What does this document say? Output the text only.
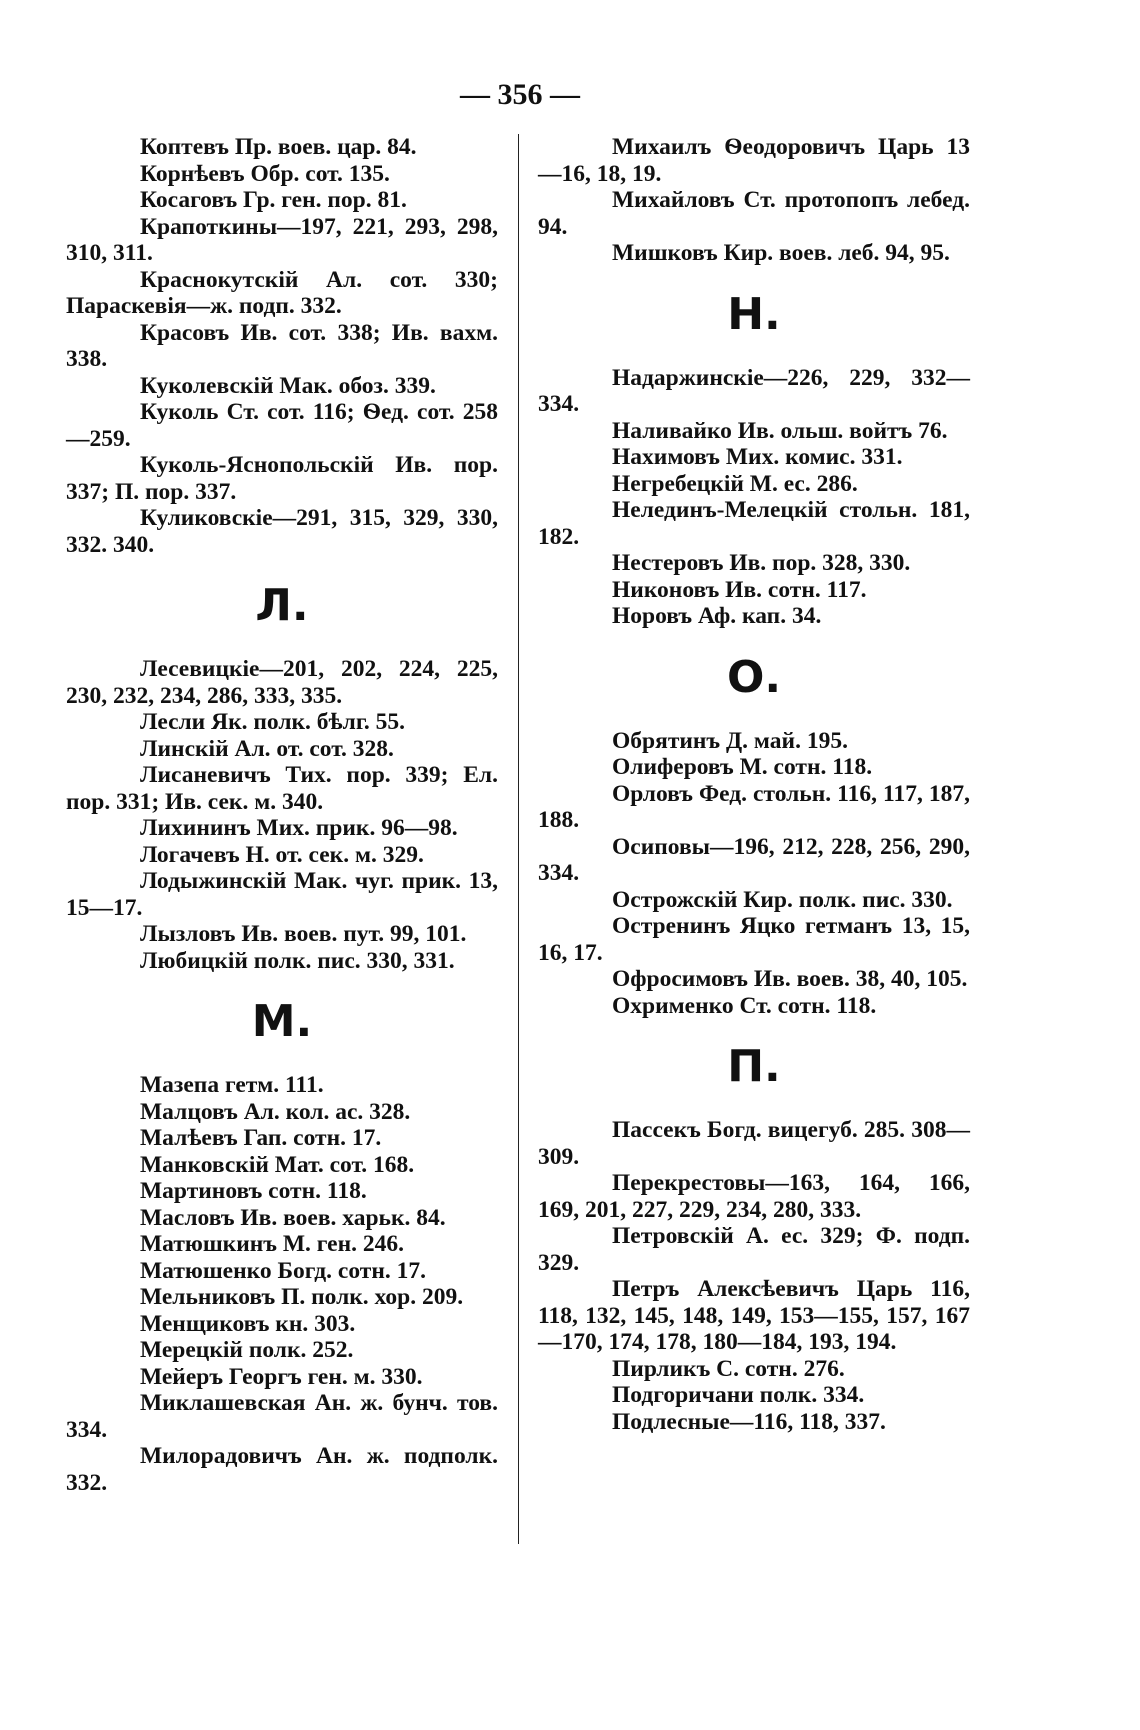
— 356 —

Коптевъ Пр. воев. цар. 84.

Корнѣевъ Обр. сот. 135.

Косаговъ Гр. ген. пор. 81.

Крапоткины—197, 221, 293, 298, 310, 311.

Краснокутскій Ал. сот. 330; Параскевія—ж. подп. 332.

Красовъ Ив. сот. 338; Ив. вахм. 338.

Куколевскій Мак. обоз. 339.

Куколь Ст. сот. 116; Ѳед. сот. 258—259.

Куколь-Яснопольскій Ив. пор. 337; П. пор. 337.

Куликовскіе—291, 315, 329, 330, 332. 340.

Л.

Лесевицкіе—201, 202, 224, 225, 230, 232, 234, 286, 333, 335.

Лесли Як. полк. бѣлг. 55.

Линскій Ал. от. сот. 328.

Лисаневичъ Тих. пор. 339; Ел. пор. 331; Ив. сек. м. 340.

Лихининъ Мих. прик. 96—98.

Логачевъ Н. от. сек. м. 329.

Лодыжинскій Мак. чуг. прик. 13, 15—17.

Лызловъ Ив. воев. пут. 99, 101.

Любицкій полк. пис. 330, 331.

М.

Мазепа гетм. 111.

Малцовъ Ал. кол. ас. 328.

Малѣевъ Гап. сотн. 17.

Манковскій Мат. сот. 168.

Мартиновъ сотн. 118.

Масловъ Ив. воев. харьк. 84.

Матюшкинъ М. ген. 246.

Матюшенко Богд. сотн. 17.

Мельниковъ П. полк. хор. 209.

Менщиковъ кн. 303.

Мерецкій полк. 252.

Мейеръ Георгъ ген. м. 330.

Миклашевская Ан. ж. бунч. тов. 334.

Милорадовичъ Ан. ж. подполк. 332.

Михаилъ Ѳеодоровичъ Царь 13—16, 18, 19.

Михайловъ Ст. протопопъ лебед. 94.

Мишковъ Кир. воев. леб. 94, 95.

Н.

Надаржинскіе—226, 229, 332—334.

Наливайко Ив. ольш. войтъ 76.

Нахимовъ Мих. комис. 331.

Негребецкій М. ес. 286.

Нелединъ-Мелецкій стольн. 181, 182.

Нестеровъ Ив. пор. 328, 330.

Никоновъ Ив. сотн. 117.

Норовъ Аф. кап. 34.

О.

Обрятинъ Д. май. 195.

Олиферовъ М. сотн. 118.

Орловъ Фед. стольн. 116, 117, 187, 188.

Осиповы—196, 212, 228, 256, 290, 334.

Острожскій Кир. полк. пис. 330.

Остренинъ Яцко гетманъ 13, 15, 16, 17.

Офросимовъ Ив. воев. 38, 40, 105.

Охрименко Ст. сотн. 118.

П.

Пассекъ Богд. вицегуб. 285. 308—309.

Перекрестовы—163, 164, 166, 169, 201, 227, 229, 234, 280, 333.

Петровскій А. ес. 329; Ф. подп. 329.

Петръ Алексѣевичъ Царь 116, 118, 132, 145, 148, 149, 153—155, 157, 167—170, 174, 178, 180—184, 193, 194.

Пирликъ С. сотн. 276.

Подгоричани полк. 334.

Подлесные—116, 118, 337.
